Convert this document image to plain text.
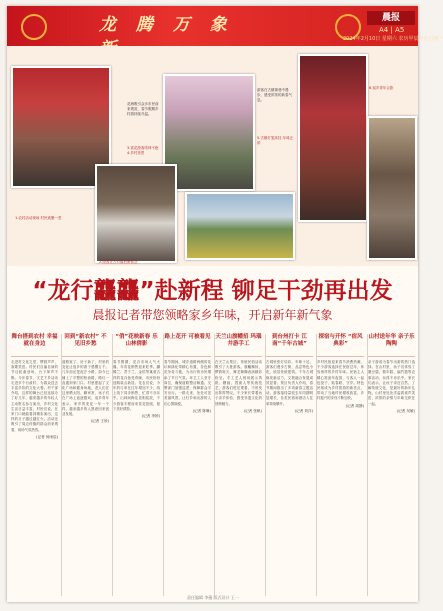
龙 腾 万 象	晨报
A4 | A5
2024年2月10日 星期六 农历甲辰年正月初一
1.农村活动现场 村民欢聚一堂
花海吸引众多市民前来观赏，春节假期乡村游持续升温。
3.赏花游客络绎不绝 4.乡村美景
2.游客在古村落拍照留念
游客在古镇街巷中漫步，感受浓浓的新春气息。
5.古镇灯笼高挂 年味正浓
6.返乡青年合影
“龙行龘龘”赴新程 铆足干劲再出发
晨报记者带您领略家乡年味，开启新年新气象
舞台搭到农村 幸福就在身边
走进村文化礼堂，锣鼓声声，欢歌笑语。村民们自编自演的节目轮番登场，台下掌声不断。今年春节，文艺下乡活动走进多个行政村，为群众送去丰富多彩的文化大餐。村干部介绍，这样的舞台已经连续办了好几年，越来越多的年轻人主动报名参与演出，乡村文化生活日益丰富。村民们说，在家门口就能看到精彩演出，这样的日子越过越红火。活动还吸引了周边村镇的群众前来观看，现场气氛热烈。
(记者 何雨辰)
回到“新农村” 不见旧乡愁
道路宽了，房子新了，村里的变化让返乡的游子感慨万千。几年前还是泥泞小路，如今已铺上了平整的柏油路，路灯一直通到家门口。村里建起了文化广场和健身场地，老人们在这里晒太阳、聊家常，孩子们在广场上追逐嬉戏。返乡青年表示，家乡的变化一年一个样，越来越多的人愿意回来创业发展。
(记者 王欣)
“俏”花映新春 乐山林倩影
春节假期，花卉市场人气火爆，年宵花销售迎来旺季。蝴蝶兰、君子兰、金桔等寓意吉祥的花卉备受青睐，市民纷纷选购装点新居。花农们说，今年的订单比往年增加不少，线上线下同步销售，忙得不亦乐乎。山林间梅花竞相绽放，不少游客专程前来赏花拍照，留下美好倩影。
(记者 李婷)
路上花开 可被看见
春节期间，城乡道路两侧的花坛和绿化带精心布置，各色鲜花争奇斗艳，为出行的市民增添了节日气氛。环卫工人坚守岗位，确保道路整洁畅通。交警部门加强巡逻，保障群众平安出行。一路走来，处处可见美丽风景，让归乡和出游的人们心情愉悦。
(记者 陈琳)
天兰山旗幡招 玛瑙井游手工
在天兰山景区，传统民俗活动吸引了大批游客。旗幡飘扬，锣鼓喧天，舞龙舞狮表演精彩纷呈。手工艺人现场展示剪纸、糖画、捏面人等传统技艺，游客们驻足观看，不时发出阵阵赞叹。不少家长带着孩子亲手体验，感受非遗文化的独特魅力。
(记者 张帆)
到台州打卡 江南“千年古城”
古城里张灯结彩，年味十足。游客们漫步古街，品尝特色小吃，欣赏传统建筑。千年古城焕发新活力，文旅融合发展成效显著。景区负责人介绍，春节期间推出了多项新春主题活动，游客接待量较去年同期明显增长，各类民宿和酒店入住率持续攀升。
(记者 刘洋)
探宿与开怀 “宿风典彩”
乡村民宿迎来春节消费热潮，不少游客选择在民宿过年，体验别样的乡村年味。民宿主人精心准备年夜饭，与客人一起包饺子、贴春联、守岁。特色民宿成为乡村旅游的新亮点，带动了当地村民增收致富，乡村振兴的步伐不断加快。
(记者 周静)
山村送年华 亲子乐陶陶
亲子游成为春节出游的热门选择。在山村里，孩子们体验了磨豆腐、做年糕、编竹篮等农事活动，玩得不亦乐乎。家长们表示，让孩子亲近自然、了解传统文化，是最好的新年礼物。山村里处处洋溢着欢声笑语，浓浓的亲情与年味交织在一起。
(记者 吴敏)
责任编辑 李薇 版式设计 王一
